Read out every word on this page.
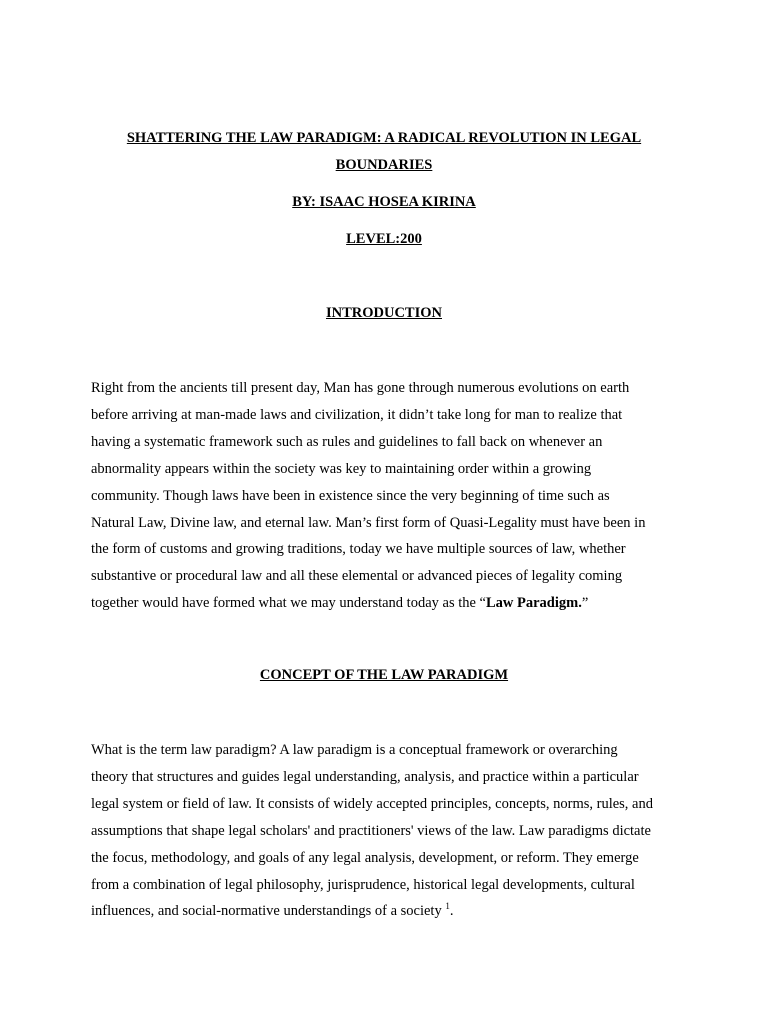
SHATTERING THE LAW PARADIGM: A RADICAL REVOLUTION IN LEGAL BOUNDARIES

BY: ISAAC HOSEA KIRINA

LEVEL:200

INTRODUCTION

Right from the ancients till present day, Man has gone through numerous evolutions on earth
before arriving at man-made laws and civilization, it didn’t take long for man to realize that
having a systematic framework such as rules and guidelines to fall back on whenever an
abnormality appears within the society was key to maintaining order within a growing
community. Though laws have been in existence since the very beginning of time such as
Natural Law, Divine law, and eternal law. Man’s first form of Quasi-Legality must have been in
the form of customs and growing traditions, today we have multiple sources of law, whether
substantive or procedural law and all these elemental or advanced pieces of legality coming
together would have formed what we may understand today as the “Law Paradigm.”

CONCEPT OF THE LAW PARADIGM

What is the term law paradigm? A law paradigm is a conceptual framework or overarching
theory that structures and guides legal understanding, analysis, and practice within a particular
legal system or field of law. It consists of widely accepted principles, concepts, norms, rules, and
assumptions that shape legal scholars' and practitioners' views of the law. Law paradigms dictate
the focus, methodology, and goals of any legal analysis, development, or reform. They emerge
from a combination of legal philosophy, jurisprudence, historical legal developments, cultural
influences, and social-normative understandings of a society $^1$.
